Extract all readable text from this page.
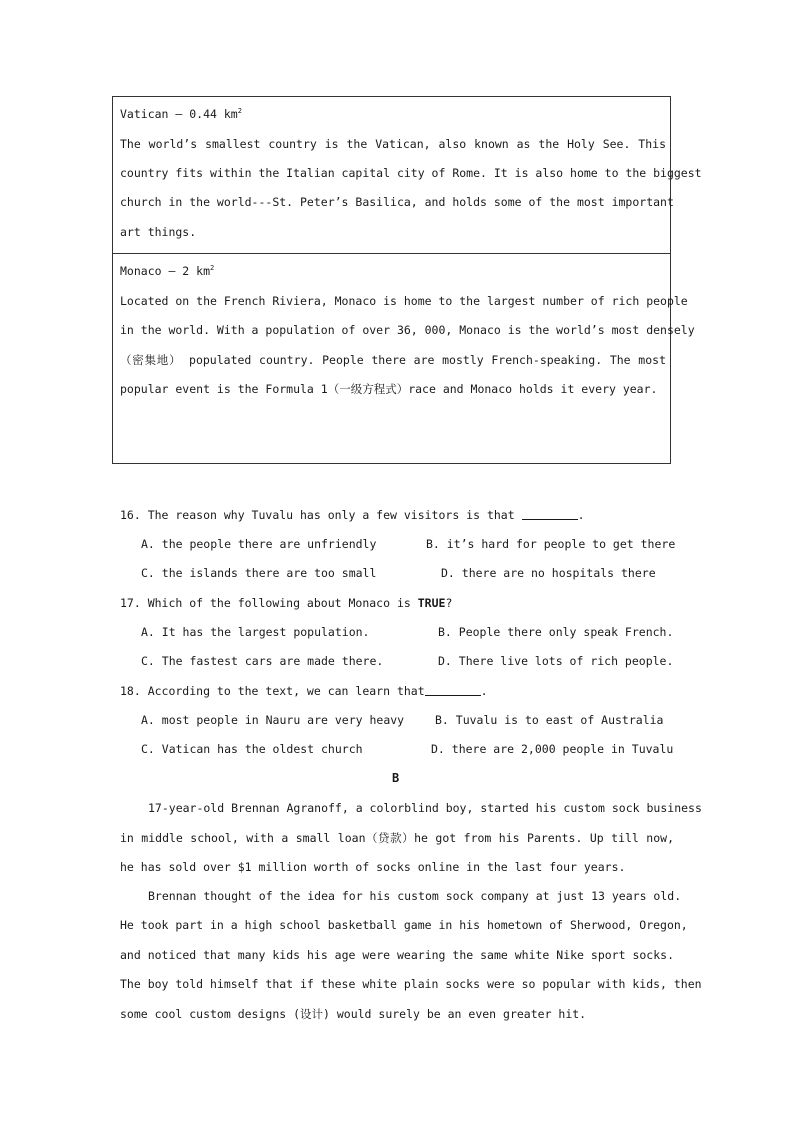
Vatican – 0.44 $km^2$
The world’s smallest country is the Vatican, also known as the Holy See. This
country fits within the Italian capital city of Rome. It is also home to the biggest
church in the world---St. Peter’s Basilica, and holds some of the most important
art things.
Monaco – 2 $km^2$
Located on the French Riviera, Monaco is home to the largest number of rich people
in the world. With a population of over 36, 000, Monaco is the world’s most densely
（密集地） populated country. People there are mostly French-speaking. The most
popular event is the Formula 1（一级方程式）race and Monaco holds it every year.
16. The reason why Tuvalu has only a few visitors is that	.
A. the people there are unfriendly	B. it’s hard for people to get there
C. the islands there are too small	D. there are no hospitals there
17. Which of the following about Monaco is TRUE?
A. It has the largest population.	B. People there only speak French.
C. The fastest cars are made there.	D. There live lots of rich people.
18. According to the text, we can learn that	.
A. most people in Nauru are very heavy	B. Tuvalu is to east of Australia
C. Vatican has the oldest church	D. there are 2,000 people in Tuvalu
B
17-year-old Brennan Agranoff, a colorblind boy, started his custom sock business
in middle school, with a small loan（贷款）he got from his Parents. Up till now,
he has sold over $1 million worth of socks online in the last four years.
Brennan thought of the idea for his custom sock company at just 13 years old.
He took part in a high school basketball game in his hometown of Sherwood, Oregon,
and noticed that many kids his age were wearing the same white Nike sport socks.
The boy told himself that if these white plain socks were so popular with kids, then
some cool custom designs (设计) would surely be an even greater hit.
